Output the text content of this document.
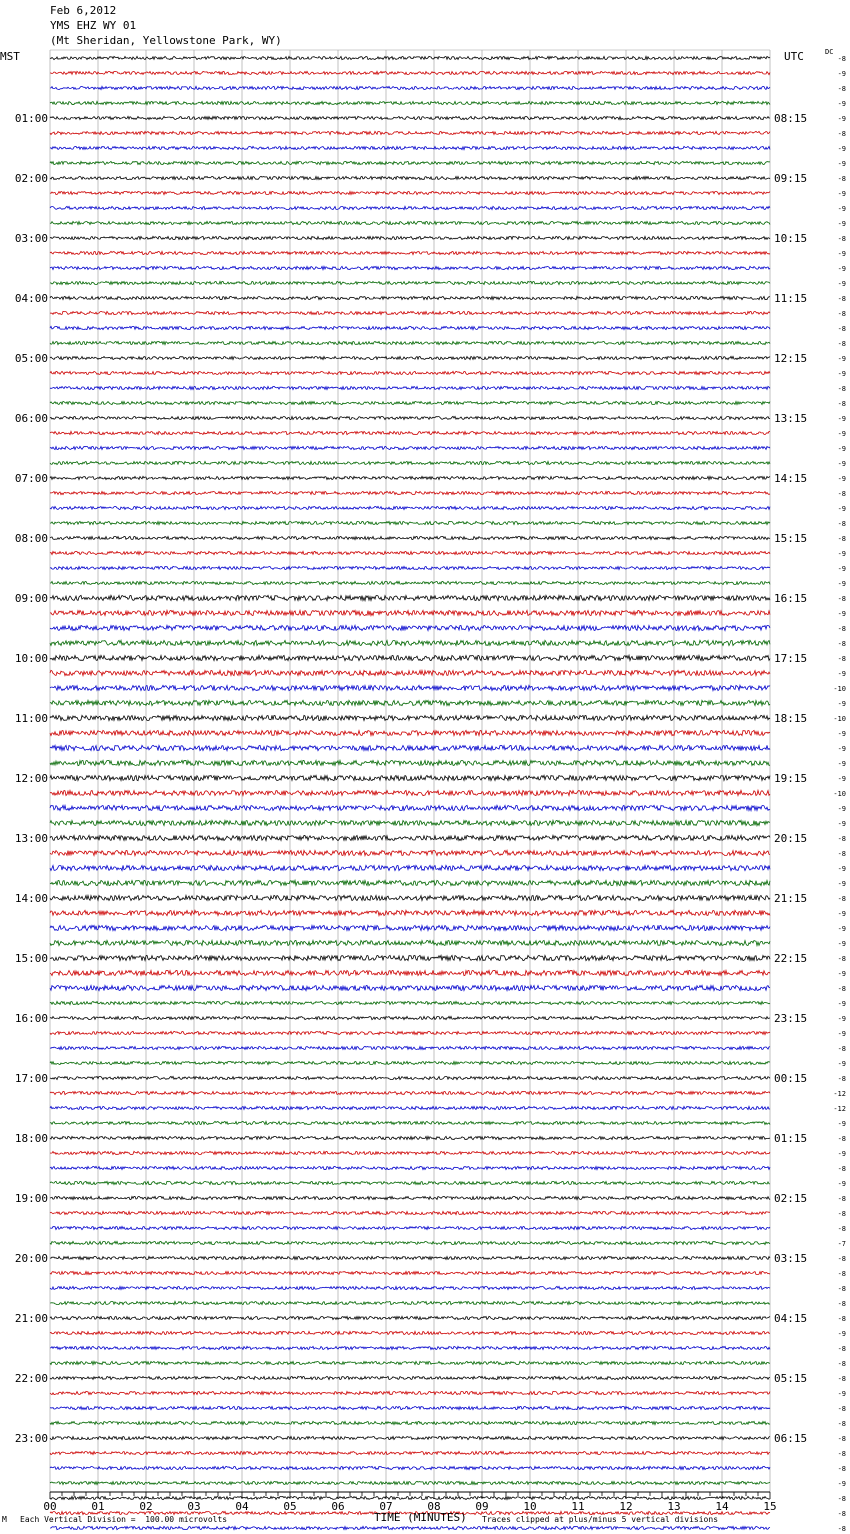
Feb 6,2012
YMS EHZ WY 01
(Mt Sheridan, Yellowstone Park, WY)
MST	UTC	DC
01:00
02:00
03:00
04:00
05:00
06:00
07:00
08:00
09:00
10:00
11:00
12:00
13:00
14:00
15:00
16:00
17:00
18:00
19:00
20:00
21:00
22:00
23:00
08:15
09:15
10:15
11:15
12:15
13:15
14:15
15:15
16:15
17:15
18:15
19:15
20:15
21:15
22:15
23:15
00:15
01:15
02:15
03:15
04:15
05:15
06:15
-8
-9
-8
-9
-9
-8
-9
-9
-8
-9
-9
-9
-8
-9
-9
-9
-8
-8
-8
-8
-9
-9
-8
-8
-9
-9
-9
-9
-9
-8
-9
-8
-8
-9
-9
-9
-8
-9
-8
-8
-8
-9
-10
-9
-10
-9
-9
-9
-9
-10
-9
-9
-8
-8
-9
-9
-8
-9
-9
-9
-8
-9
-8
-9
-9
-9
-8
-9
-8
-12
-12
-9
-8
-9
-8
-9
-8
-8
-8
-7
-8
-8
-8
-8
-8
-9
-8
-8
-8
-9
-8
-8
-8
-8
-8
-9
-8
-8
-8
00	01	02	03	04	05	06	07	08	09	10	11	12	13	14	15
M Each Vertical Division =  100.00 microvolts	TIME (MINUTES) Traces clipped at plus/minus 5 vertical divisions
